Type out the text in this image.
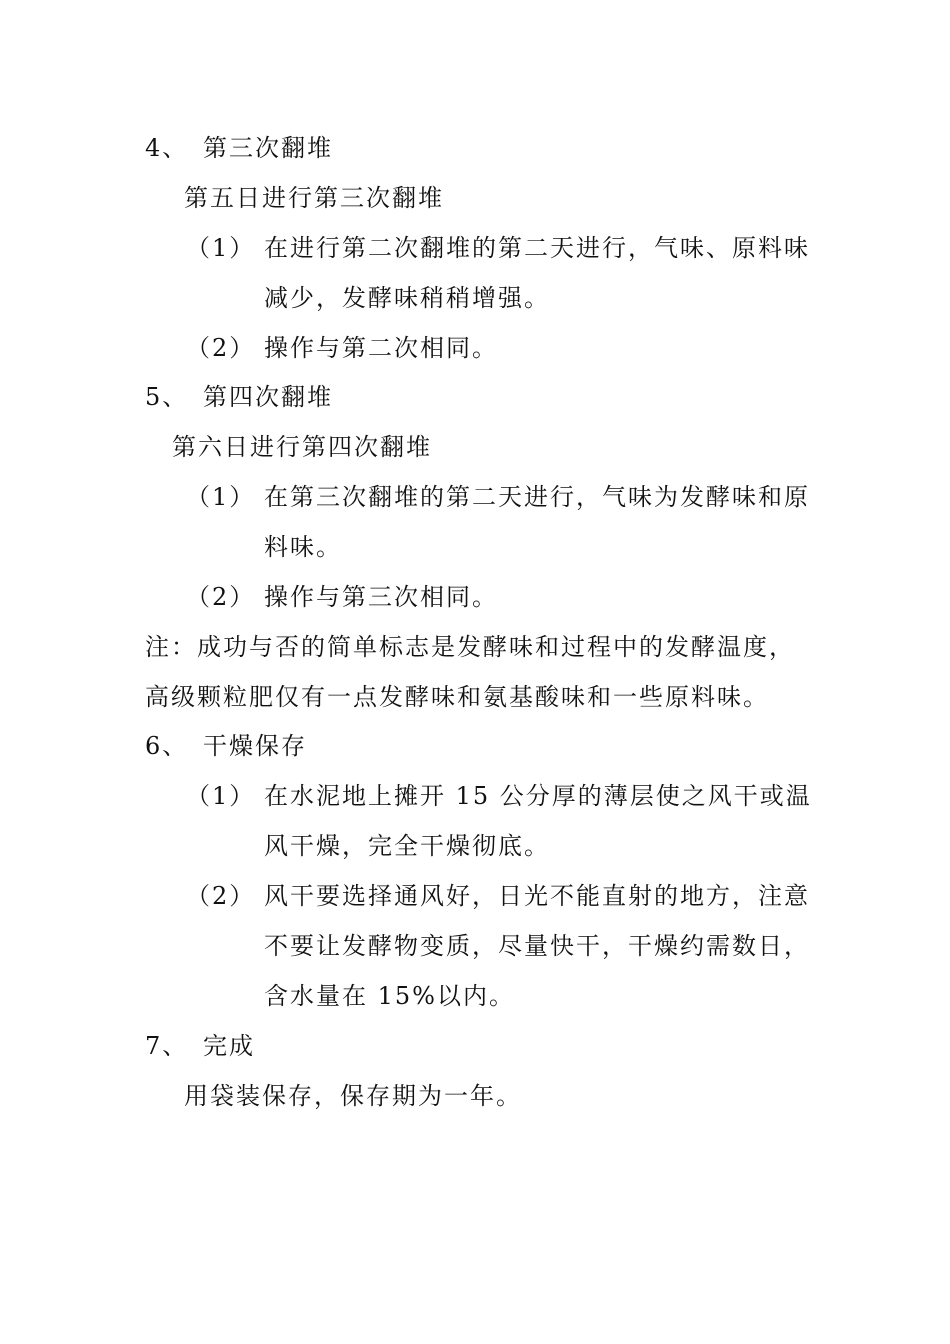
4、 第三次翻堆
第五日进行第三次翻堆
（1） 在进行第二次翻堆的第二天进行，气味、原料味
减少，发酵味稍稍增强。
（2） 操作与第二次相同。
5、 第四次翻堆
第六日进行第四次翻堆
（1） 在第三次翻堆的第二天进行，气味为发酵味和原
料味。
（2） 操作与第三次相同。
注：成功与否的简单标志是发酵味和过程中的发酵温度，
高级颗粒肥仅有一点发酵味和氨基酸味和一些原料味。
6、 干燥保存
（1） 在水泥地上摊开 15 公分厚的薄层使之风干或温
风干燥，完全干燥彻底。
（2） 风干要选择通风好，日光不能直射的地方，注意
不要让发酵物变质，尽量快干，干燥约需数日，
含水量在 15%以内。
7、 完成
用袋装保存，保存期为一年。
